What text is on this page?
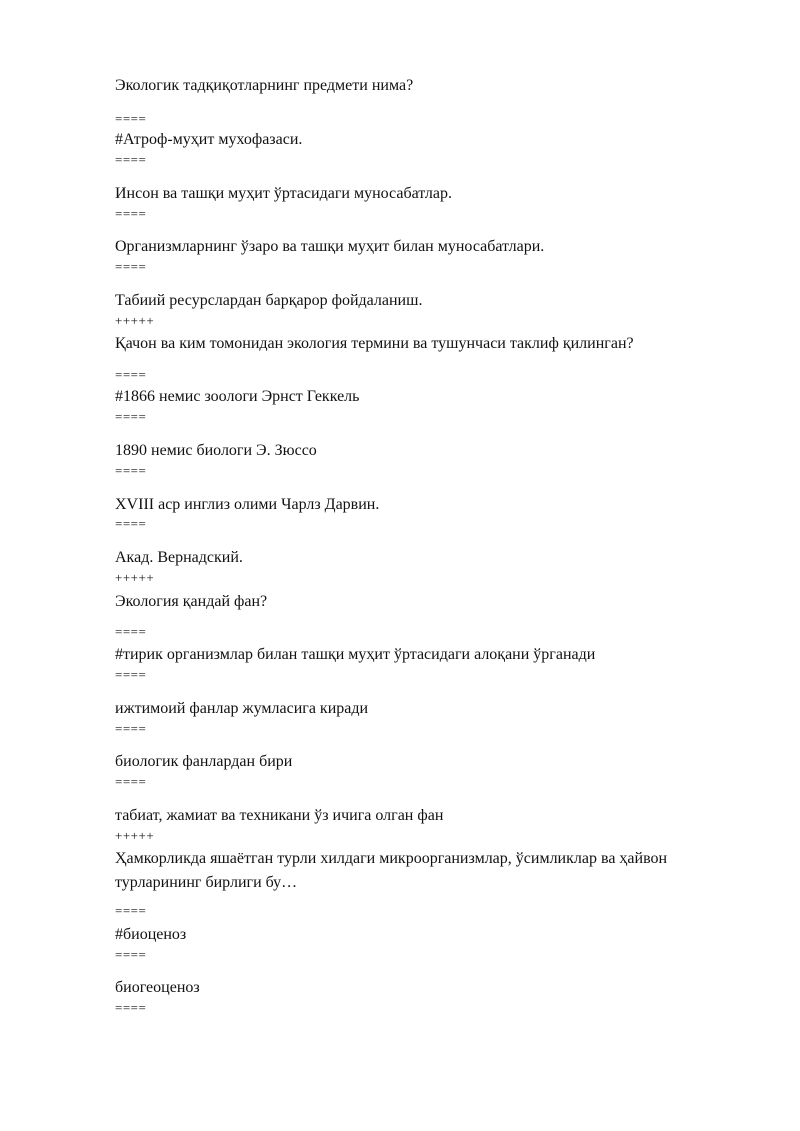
Экологик тадқиқотларнинг предмети нима?
====
#Атроф-муҳит мухофазаси.
====
Инсон ва ташқи муҳит ўртасидаги муносабатлар.
====
Организмларнинг ўзаро ва ташқи муҳит билан муносабатлари.
====
Табиий ресурслардан барқарор фойдаланиш.
+++++
Қачон ва ким томонидан экология термини ва тушунчаси таклиф қилинган?
====
#1866 немис зоологи Эрнст Геккель
====
1890 немис биологи Э. Зюссо
====
XVIII аср инглиз олими Чарлз Дарвин.
====
Акад. Вернадский.
+++++
Экология қандай фан?
====
#тирик организмлар билан ташқи муҳит ўртасидаги алоқани ўрганади
====
ижтимоий фанлар жумласига киради
====
биологик фанлардан бири
====
табиат, жамиат ва техникани ўз ичига олган фан
+++++
Ҳамкорликда яшаётган турли хилдаги микроорганизмлар, ўсимликлар ва ҳайвон турларининг бирлиги бу…
====
#биоценоз
====
биогеоценоз
====
